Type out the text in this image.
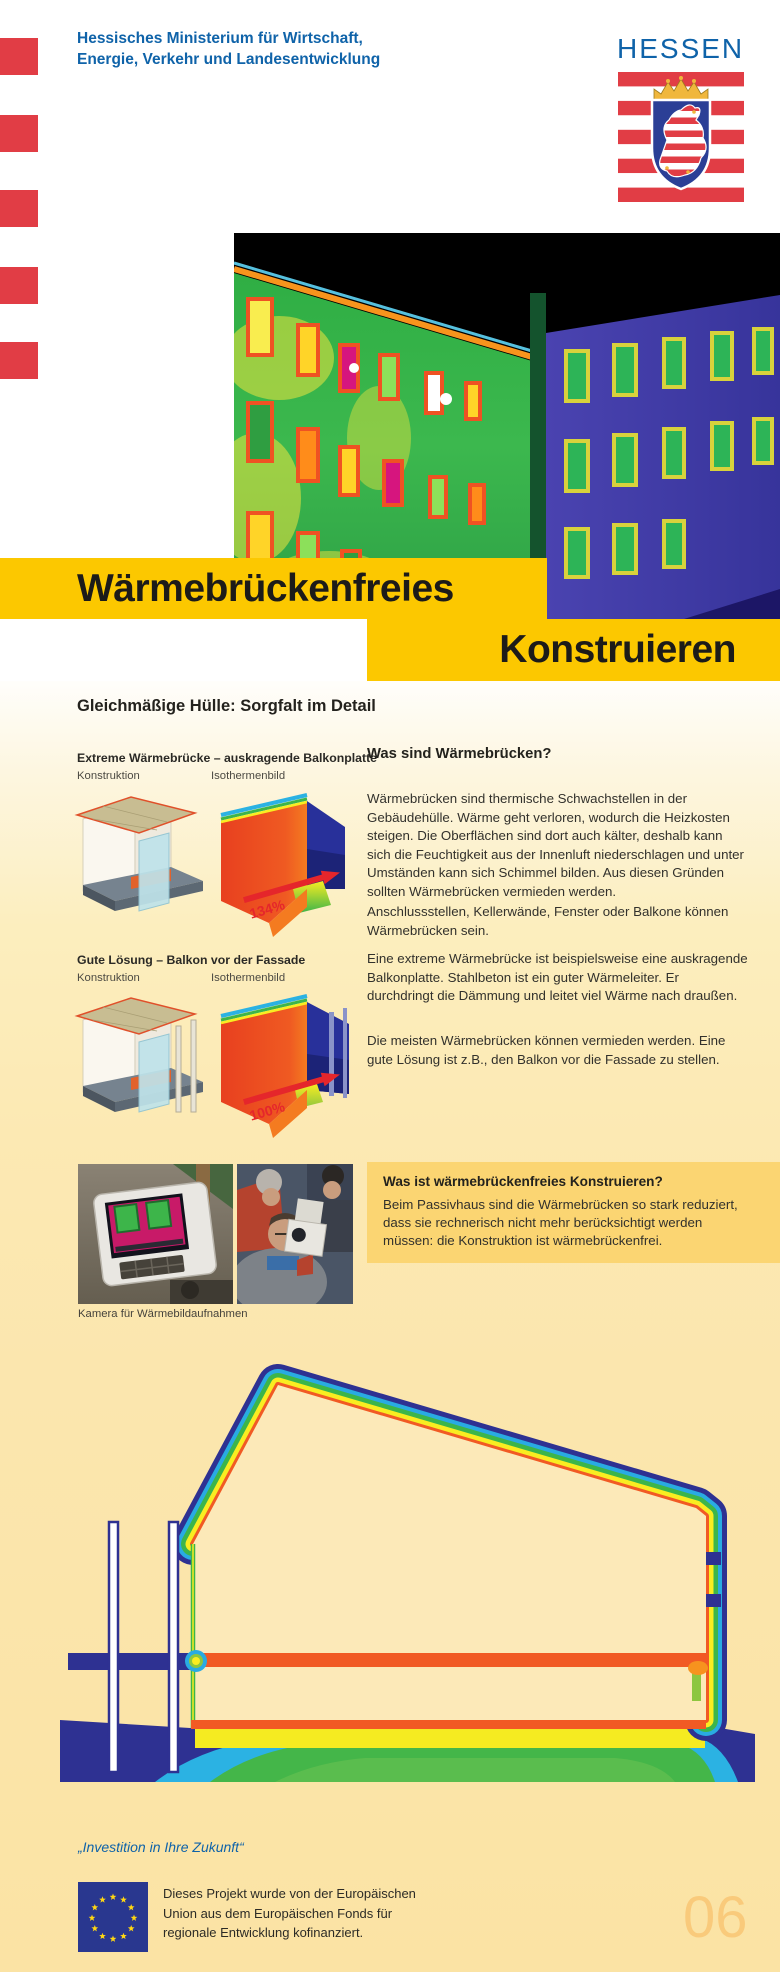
Hessisches Ministerium für Wirtschaft,
Energie, Verkehr und Landesentwicklung	HESSEN
Wärmebrückenfreies
Konstruieren
Gleichmäßige Hülle: Sorgfalt im Detail
Extreme Wärmebrücke – auskragende Balkonplatte
Konstruktion	Isothermenbild
134%
Gute Lösung – Balkon vor der Fassade
Konstruktion	Isothermenbild
100%
Was sind Wärmebrücken?
Wärmebrücken sind thermische Schwachstellen in der Gebäudehülle. Wärme geht verloren, wodurch die Heizkosten steigen. Die Oberflächen sind dort auch kälter, deshalb kann sich die Feuchtigkeit aus der Innenluft niederschlagen und unter Umständen kann sich Schimmel bilden. Aus diesen Gründen sollten Wärmebrücken vermieden werden.
Anschlussstellen, Kellerwände, Fenster oder Balkone können Wärmebrücken sein.
Eine extreme Wärmebrücke ist beispielsweise eine auskragende Balkonplatte. Stahlbeton ist ein guter Wärmeleiter. Er durchdringt die Dämmung und leitet viel Wärme nach draußen.
Die meisten Wärmebrücken können vermieden werden. Eine gute Lösung ist z.B., den Balkon vor die Fassade zu stellen.
Kamera für Wärmebildaufnahmen

Was ist wärmebrückenfreies Konstruieren?

Beim Passivhaus sind die Wärmebrücken so stark reduziert, dass sie rechnerisch nicht mehr berücksichtigt werden müssen: die Konstruktion ist wärmebrückenfrei.

„Investition in Ihre Zukunft“
Dieses Projekt wurde von der Europäischen Union aus dem Europäischen Fonds für regionale Entwicklung kofinanziert.	06
